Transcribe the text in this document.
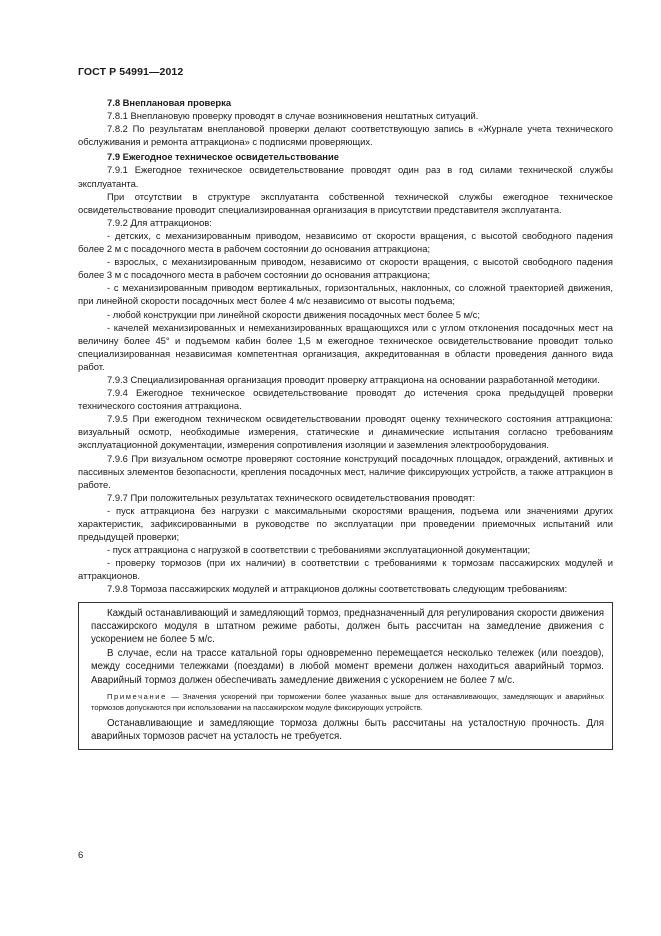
ГОСТ Р 54991—2012

7.8 Внеплановая проверка

7.8.1 Внеплановую проверку проводят в случае возникновения нештатных ситуаций.

7.8.2 По результатам внеплановой проверки делают соответствующую запись в «Журнале учета технического обслуживания и ремонта аттракциона» с подписями проверяющих.

7.9 Ежегодное техническое освидетельствование

7.9.1 Ежегодное техническое освидетельствование проводят один раз в год силами технической службы эксплуатанта.

При отсутствии в структуре эксплуатанта собственной технической службы ежегодное техническое освидетельствование проводит специализированная организация в присутствии представителя эксплуатанта.

7.9.2 Для аттракционов:

- детских, с механизированным приводом, независимо от скорости вращения, с высотой свободного падения более 2 м с посадочного места в рабочем состоянии до основания аттракциона;

- взрослых, с механизированным приводом, независимо от скорости вращения, с высотой свободного падения более 3 м с посадочного места в рабочем состоянии до основания аттракциона;

- с механизированным приводом вертикальных, горизонтальных, наклонных, со сложной траекторией движения, при линейной скорости посадочных мест более 4 м/с независимо от высоты подъема;

- любой конструкции при линейной скорости движения посадочных мест более 5 м/с;

- качелей механизированных и немеханизированных вращающихся или с углом отклонения посадочных мест на величину более 45° и подъемом кабин более 1,5 м ежегодное техническое освидетельствование проводит только специализированная независимая компетентная организация, аккредитованная в области проведения данного вида работ.

7.9.3 Специализированная организация проводит проверку аттракциона на основании разработанной методики.

7.9.4 Ежегодное техническое освидетельствование проводят до истечения срока предыдущей проверки технического состояния аттракциона.

7.9.5 При ежегодном техническом освидетельствовании проводят оценку технического состояния аттракциона: визуальный осмотр, необходимые измерения, статические и динамические испытания согласно требованиям эксплуатационной документации, измерения сопротивления изоляции и заземления электрооборудования.

7.9.6 При визуальном осмотре проверяют состояние конструкций посадочных площадок, ограждений, активных и пассивных элементов безопасности, крепления посадочных мест, наличие фиксирующих устройств, а также аттракцион в работе.

7.9.7 При положительных результатах технического освидетельствования проводят:

- пуск аттракциона без нагрузки с максимальными скоростями вращения, подъема или значениями других характеристик, зафиксированными в руководстве по эксплуатации при проведении приемочных испытаний или предыдущей проверки;

- пуск аттракциона с нагрузкой в соответствии с требованиями эксплуатационной документации;

- проверку тормозов (при их наличии) в соответствии с требованиями к тормозам пассажирских модулей и аттракционов.

7.9.8 Тормоза пассажирских модулей и аттракционов должны соответствовать следующим требованиям:

Каждый останавливающий и замедляющий тормоз, предназначенный для регулирования скорости движения пассажирского модуля в штатном режиме работы, должен быть рассчитан на замедление движения с ускорением не более 5 м/с.

В случае, если на трассе катальной горы одновременно перемещается несколько тележек (или поездов), между соседними тележками (поездами) в любой момент времени должен находиться аварийный тормоз. Аварийный тормоз должен обеспечивать замедление движения с ускорением не более 7 м/с.

Примечание — Значения ускорений при торможении более указанных выше для останавливающих, замедляющих и аварийных тормозов допускаются при использовании на пассажирском модуле фиксирующих устройств.

Останавливающие и замедляющие тормоза должны быть рассчитаны на усталостную прочность. Для аварийных тормозов расчет на усталость не требуется.

6
